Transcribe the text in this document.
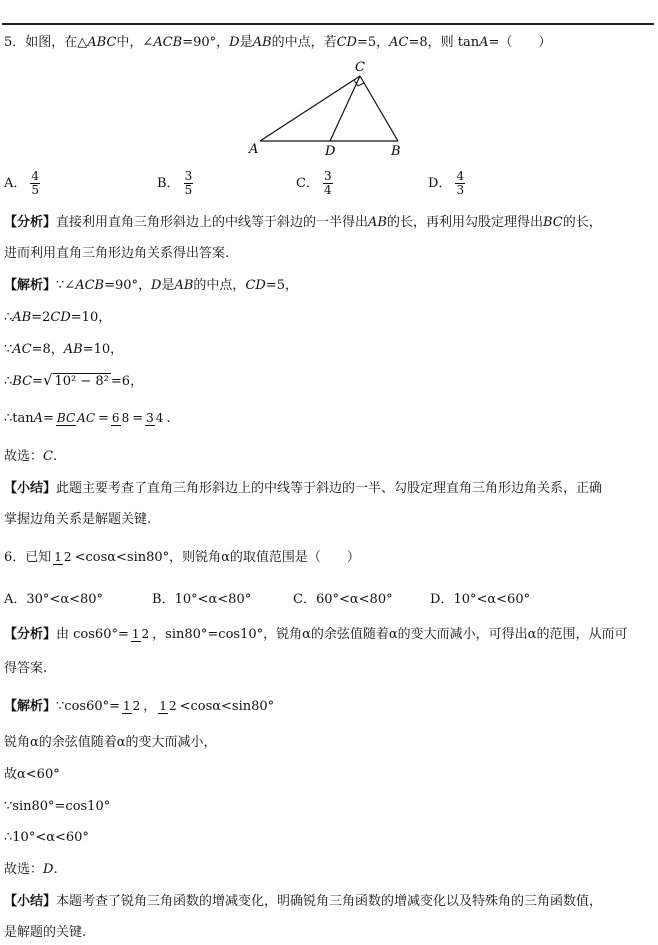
5．如图，在△ABC中，∠ACB=90°，D是AB的中点，若CD=5，AC=8，则 tanA=（　　）
C
A	D	B
A． $\frac{4}{5}$	B． $\frac{3}{5}$	C． $\frac{3}{4}$	D． $\frac{4}{3}$
【分析】直接利用直角三角形斜边上的中线等于斜边的一半得出AB的长，再利用勾股定理得出BC的长，
进而利用直角三角形边角关系得出答案.
【解析】∵∠ACB=90°，D是AB的中点，CD=5，
∴AB=2CD=10，
∵AC=8，AB=10，
∴BC=√ 10² − 8² =6，
∴tanA= BC AC = 6 8 = 3 4 .
故选：C.
【小结】此题主要考查了直角三角形斜边上的中线等于斜边的一半、勾股定理直角三角形边角关系，正确
掌握边角关系是解题关键.
6．已知 1 2 <cosα<sin80°，则锐角α的取值范围是（　　）
A．30°<α<80°	B．10°<α<80°	C．60°<α<80°	D．10°<α<60°
【分析】由 cos60°= 1 2 ，sin80°=cos10°，锐角α的余弦值随着α的变大而减小，可得出α的范围，从而可
得答案.
【解析】∵cos60°= 1 2 ， 1 2 <cosα<sin80°
锐角α的余弦值随着α的变大而减小，
故α<60°
∵sin80°=cos10°
∴10°<α<60°
故选：D.
【小结】本题考查了锐角三角函数的增减变化，明确锐角三角函数的增减变化以及特殊角的三角函数值，
是解题的关键.
